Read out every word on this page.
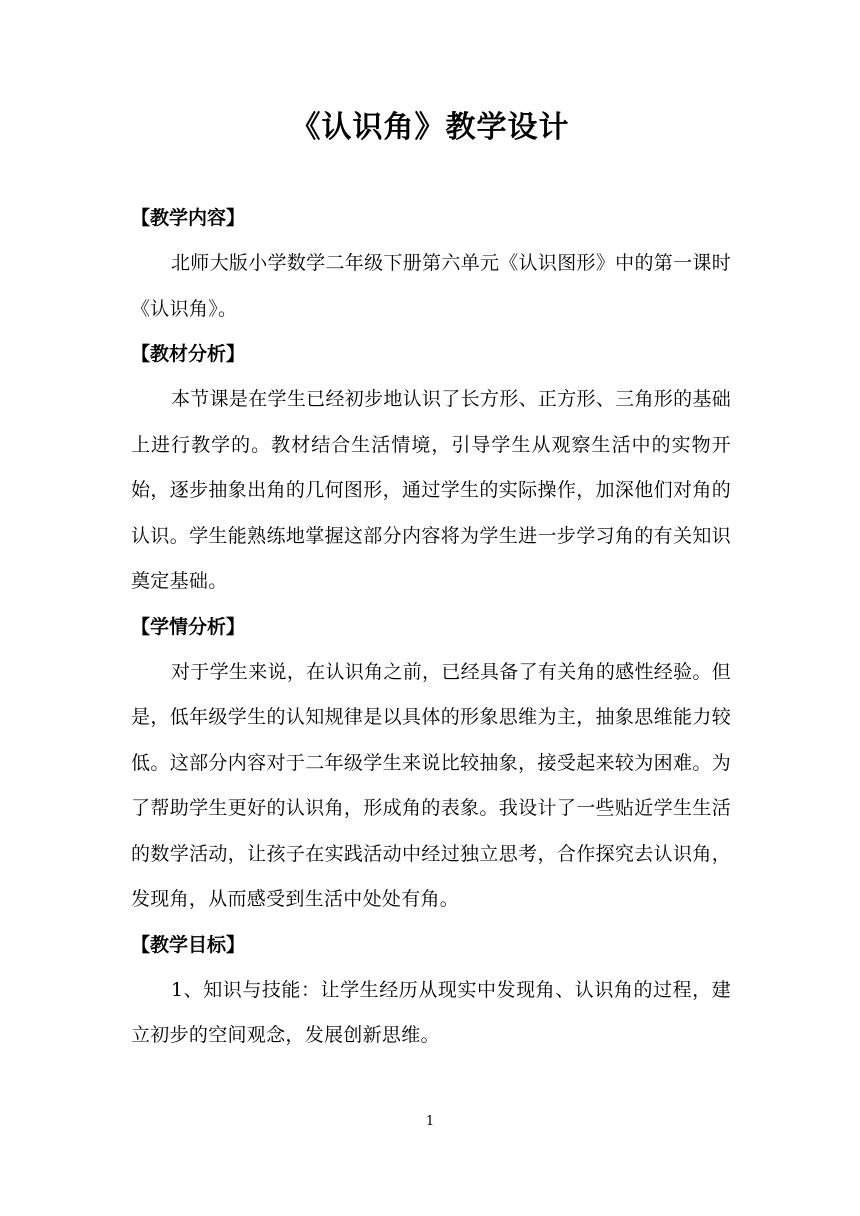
《认识角》教学设计
【教学内容】

北师大版小学数学二年级下册第六单元《认识图形》中的第一课时《认识角》。

【教材分析】

本节课是在学生已经初步地认识了长方形、正方形、三角形的基础上进行教学的。教材结合生活情境，引导学生从观察生活中的实物开始，逐步抽象出角的几何图形，通过学生的实际操作，加深他们对角的认识。学生能熟练地掌握这部分内容将为学生进一步学习角的有关知识奠定基础。

【学情分析】

对于学生来说，在认识角之前，已经具备了有关角的感性经验。但是，低年级学生的认知规律是以具体的形象思维为主，抽象思维能力较低。这部分内容对于二年级学生来说比较抽象，接受起来较为困难。为了帮助学生更好的认识角，形成角的表象。我设计了一些贴近学生生活的数学活动，让孩子在实践活动中经过独立思考，合作探究去认识角，发现角，从而感受到生活中处处有角。

【教学目标】

1、知识与技能：让学生经历从现实中发现角、认识角的过程，建立初步的空间观念，发展创新思维。

1
